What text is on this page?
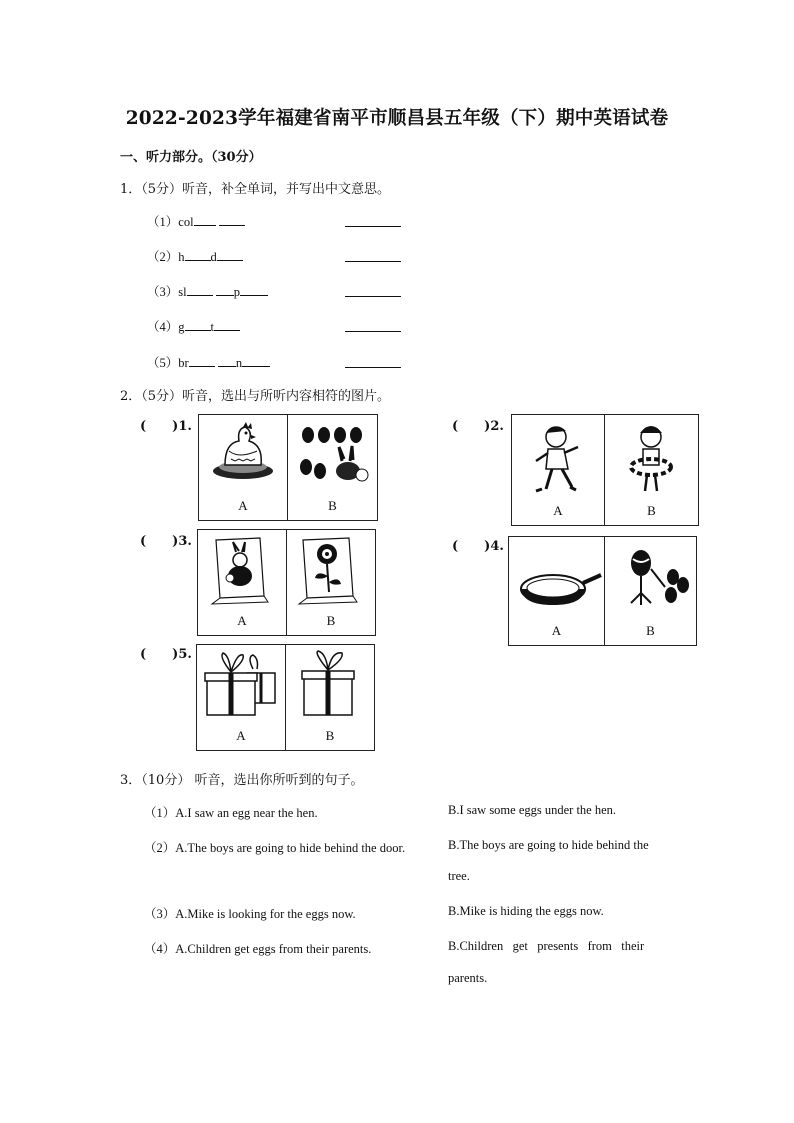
2022-2023学年福建省南平市顺昌县五年级（下）期中英语试卷
一、听力部分。（30分）
1．（5分）听音，补全单词，并写出中文意思。
（1）col
（2）h d
（3）sl	p
（4）g t
（5）br	n
2．（5分）听音，选出与所听内容相符的图片。
(　　)1.
A	B
(　　)2.
A	B
(　　)3.
A	B
(　　)4.
A	B
(　　)5.
A	B
3．（10分） 听音，选出你所听到的句子。
（1）A.I saw an egg near the hen.	B.I saw some eggs under the hen.
（2）A.The boys are going to hide behind the door.	B.The boys are going to hide behind the
tree.
（3）A.Mike is looking for the eggs now.	B.Mike is hiding the eggs now.
（4）A.Children get eggs from their parents.	B.Children   get   presents   from   their
parents.
